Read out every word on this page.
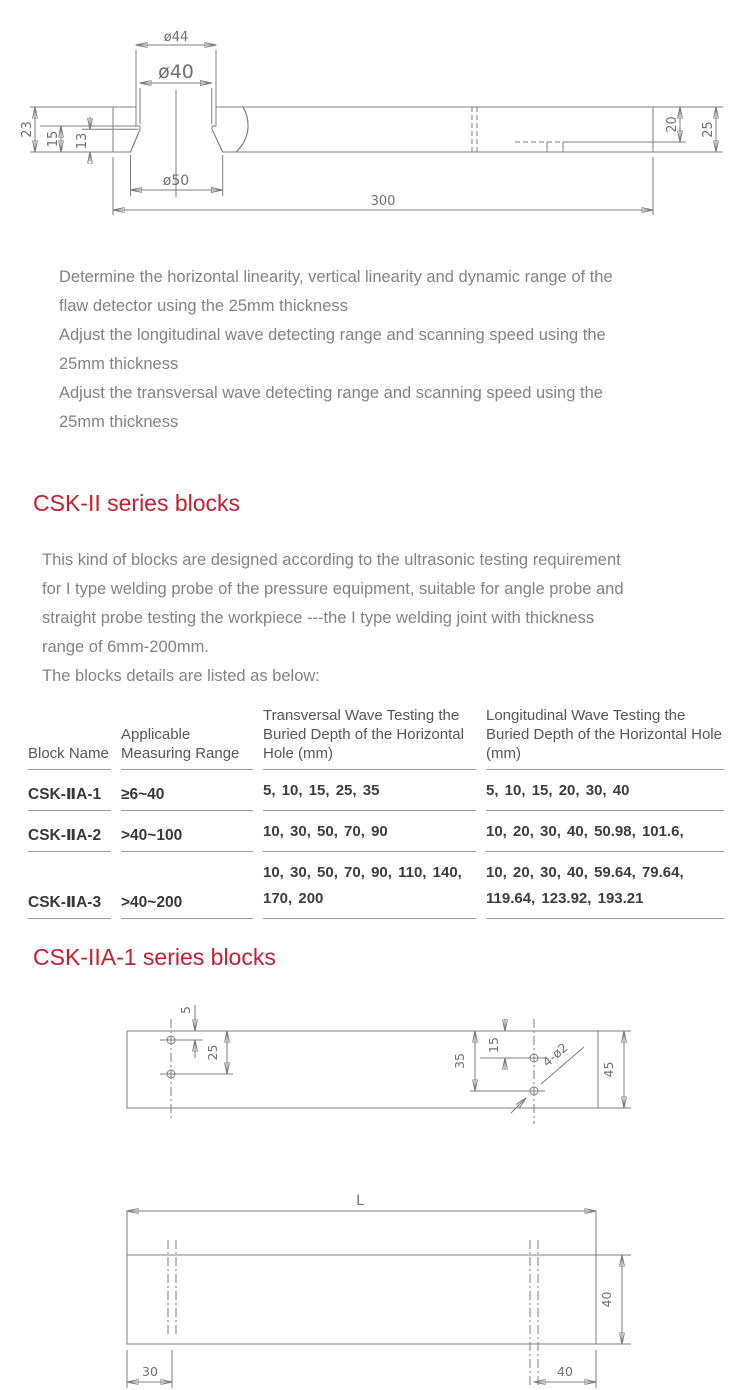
ø44
ø40
ø50
23
15 13
20 25
300
Determine the horizontal linearity, vertical linearity and dynamic range of the
flaw detector using the 25mm thickness
Adjust the longitudinal wave detecting range and scanning speed using the
25mm thickness
Adjust the transversal wave detecting range and scanning speed using the
25mm thickness
CSK-II series blocks
This kind of blocks are designed according to the ultrasonic testing requirement
for I type welding probe of the pressure equipment, suitable for angle probe and
straight probe testing the workpiece ---the I type welding joint with thickness
range of 6mm-200mm.
The blocks details are listed as below:
Block Name	Applicable Measuring Range	Transversal Wave Testing the Buried Depth of the Horizontal Hole (mm)	Longitudinal Wave Testing the Buried Depth of the Horizontal Hole (mm)
CSK-ⅡA-1	≥6~40	5, 10, 15, 25, 35	5, 10, 15, 20, 30, 40
CSK-ⅡA-2	>40~100	10, 30, 50, 70, 90	10, 20, 30, 40, 50.98, 101.6,
CSK-ⅡA-3	>40~200	10, 30, 50, 70, 90, 110, 140, 170, 200	10, 20, 30, 40, 59.64, 79.64, 119.64, 123.92, 193.21
CSK-IIA-1 series blocks
5
25	15
35	4-ø2
45
L
40
30	40
